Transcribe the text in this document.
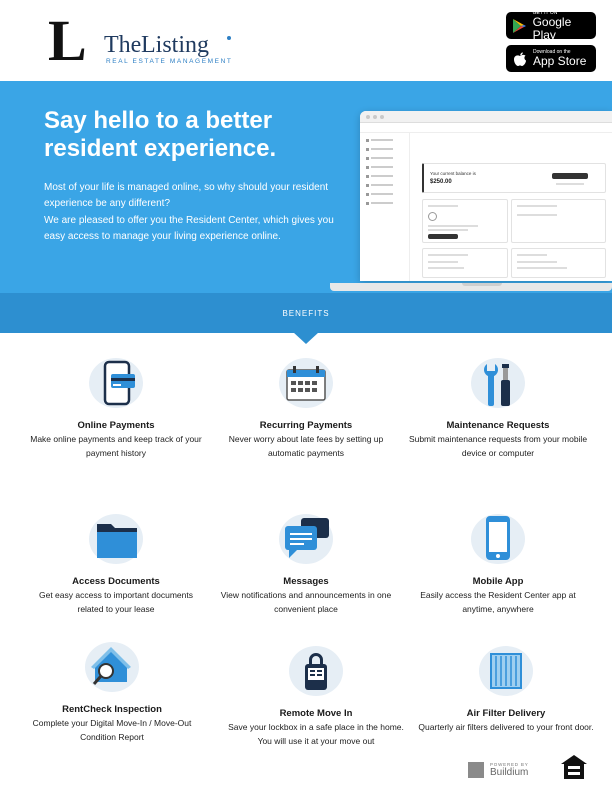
L The Listing
REAL ESTATE MANAGEMENT
GET IT ON
Google Play
Download on the
App Store
Say hello to a better resident experience.
Most of your life is managed online, so why should your resident experience be any different?
We are pleased to offer you the Resident Center, which gives you easy access to manage your living experience online.
Your current balance is
$250.00
BENEFITS
Online Payments

Make online payments and keep track of your payment history

Recurring Payments

Never worry about late fees by setting up automatic payments

Maintenance Requests

Submit maintenance requests from your mobile device or computer

Access Documents

Get easy access to important documents related to your lease

Messages

View notifications and announcements in one convenient place

Mobile App

Easily access the Resident Center app at anytime, anywhere

RentCheck Inspection

Complete your Digital Move-In / Move-Out Condition Report

Remote Move In

Save your lockbox in a safe place in the home. You will use it at your move out

Air Filter Delivery

Quarterly air filters delivered to your front door.

POWERED BY
Buildium
